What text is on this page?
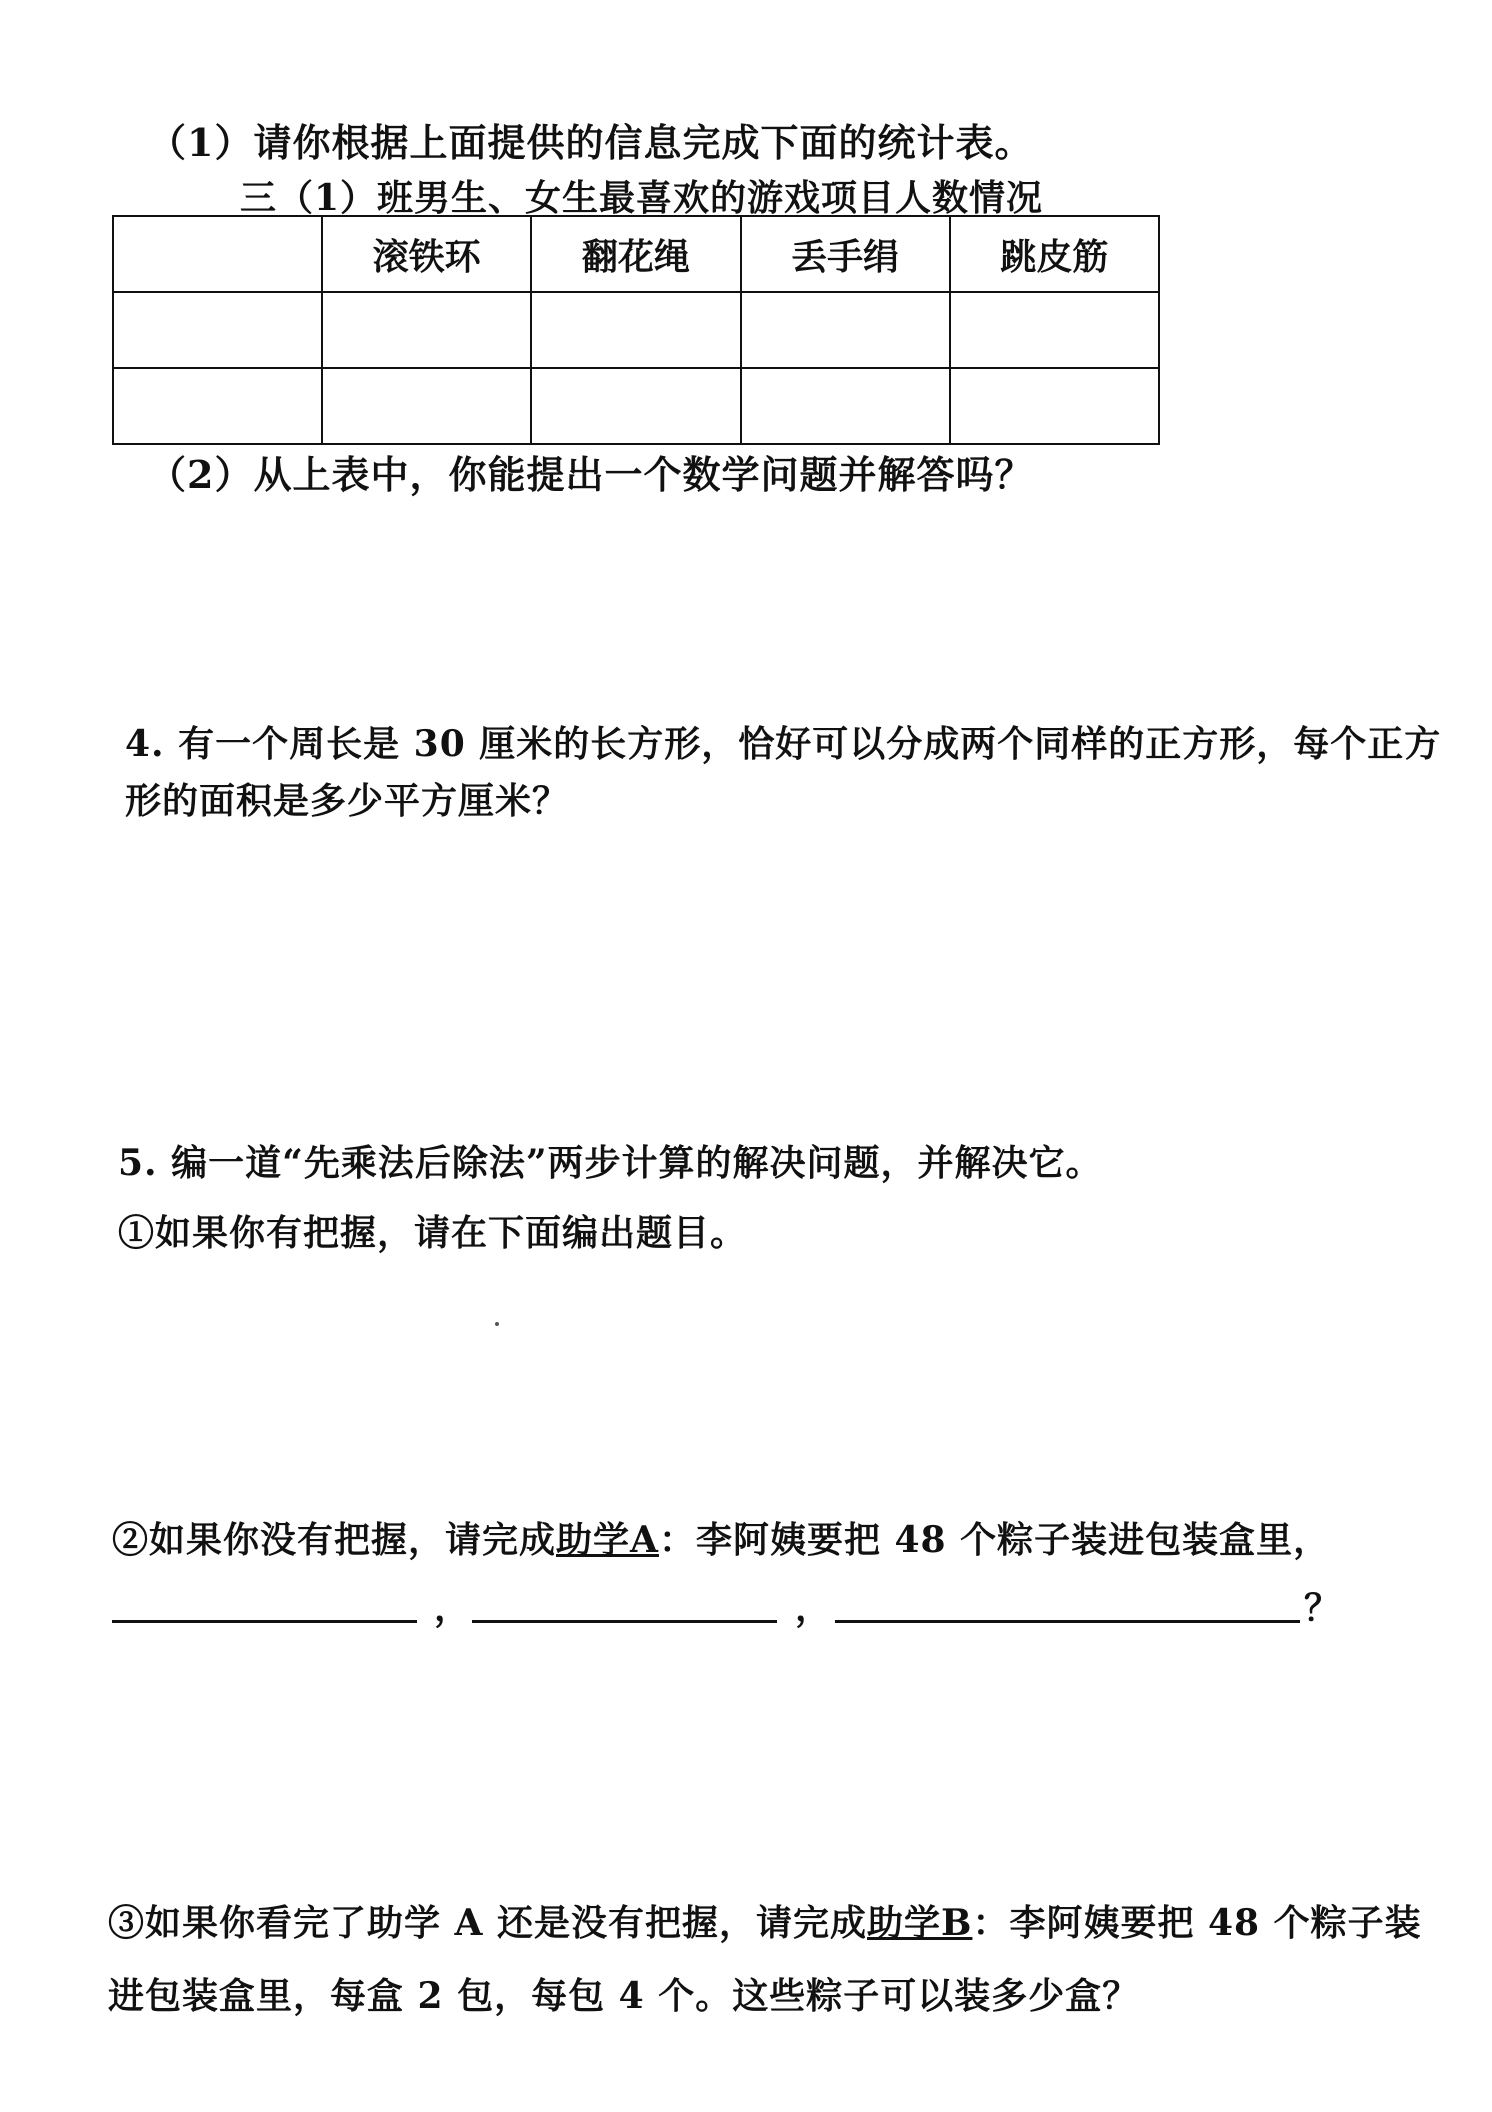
（1）请你根据上面提供的信息完成下面的统计表。
三（1）班男生、女生最喜欢的游戏项目人数情况
	滚铁环	翻花绳	丢手绢	跳皮筋

（2）从上表中，你能提出一个数学问题并解答吗？
4. 有一个周长是 30 厘米的长方形，恰好可以分成两个同样的正方形，每个正方
形的面积是多少平方厘米？
5. 编一道“先乘法后除法”两步计算的解决问题，并解决它。
①如果你有把握，请在下面编出题目。
②如果你没有把握，请完成助学A：李阿姨要把 48 个粽子装进包装盒里，
，	，	？
③如果你看完了助学 A 还是没有把握，请完成助学B：李阿姨要把 48 个粽子装
进包装盒里，每盒 2 包，每包 4 个。这些粽子可以装多少盒？
